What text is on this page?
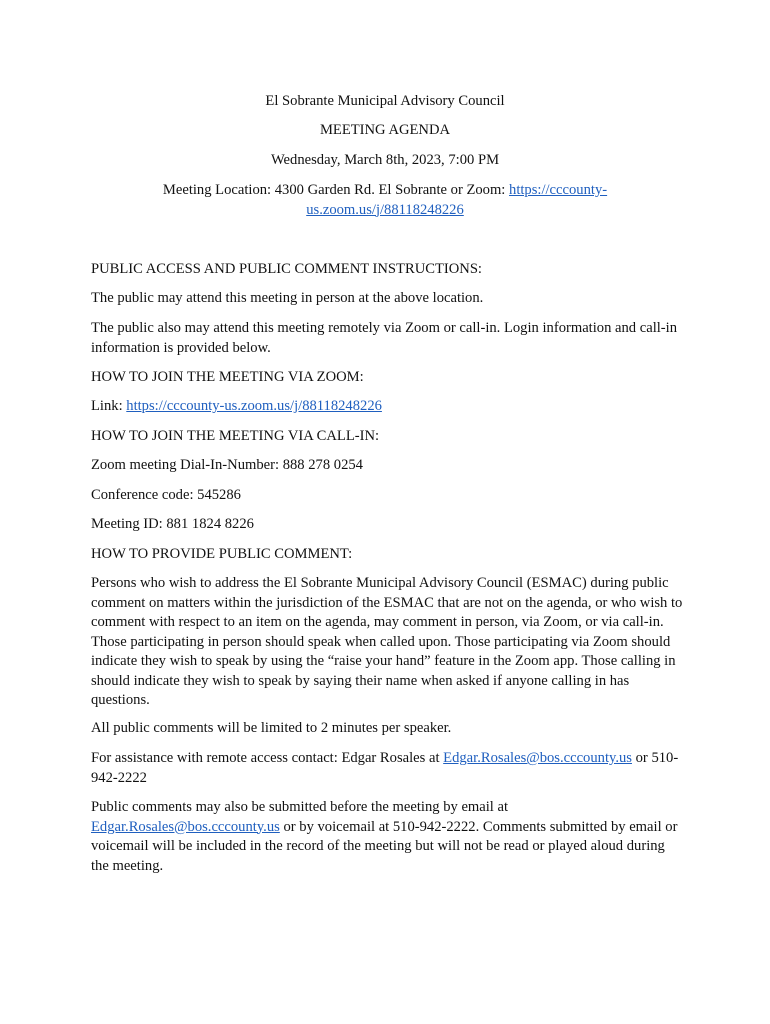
El Sobrante Municipal Advisory Council
MEETING AGENDA
Wednesday, March 8th, 2023, 7:00 PM
Meeting Location: 4300 Garden Rd. El Sobrante or Zoom: https://cccounty-us.zoom.us/j/88118248226
PUBLIC ACCESS AND PUBLIC COMMENT INSTRUCTIONS:
The public may attend this meeting in person at the above location.
The public also may attend this meeting remotely via Zoom or call-in. Login information and call-in information is provided below.
HOW TO JOIN THE MEETING VIA ZOOM:
Link: https://cccounty-us.zoom.us/j/88118248226
HOW TO JOIN THE MEETING VIA CALL-IN:
Zoom meeting Dial-In-Number: 888 278 0254
Conference code: 545286
Meeting ID: 881 1824 8226
HOW TO PROVIDE PUBLIC COMMENT:
Persons who wish to address the El Sobrante Municipal Advisory Council (ESMAC) during public comment on matters within the jurisdiction of the ESMAC that are not on the agenda, or who wish to comment with respect to an item on the agenda, may comment in person, via Zoom, or via call-in. Those participating in person should speak when called upon. Those participating via Zoom should indicate they wish to speak by using the “raise your hand” feature in the Zoom app. Those calling in should indicate they wish to speak by saying their name when asked if anyone calling in has questions.
All public comments will be limited to 2 minutes per speaker.
For assistance with remote access contact: Edgar Rosales at Edgar.Rosales@bos.cccounty.us or 510-942-2222
Public comments may also be submitted before the meeting by email at Edgar.Rosales@bos.cccounty.us or by voicemail at 510-942-2222. Comments submitted by email or voicemail will be included in the record of the meeting but will not be read or played aloud during the meeting.
